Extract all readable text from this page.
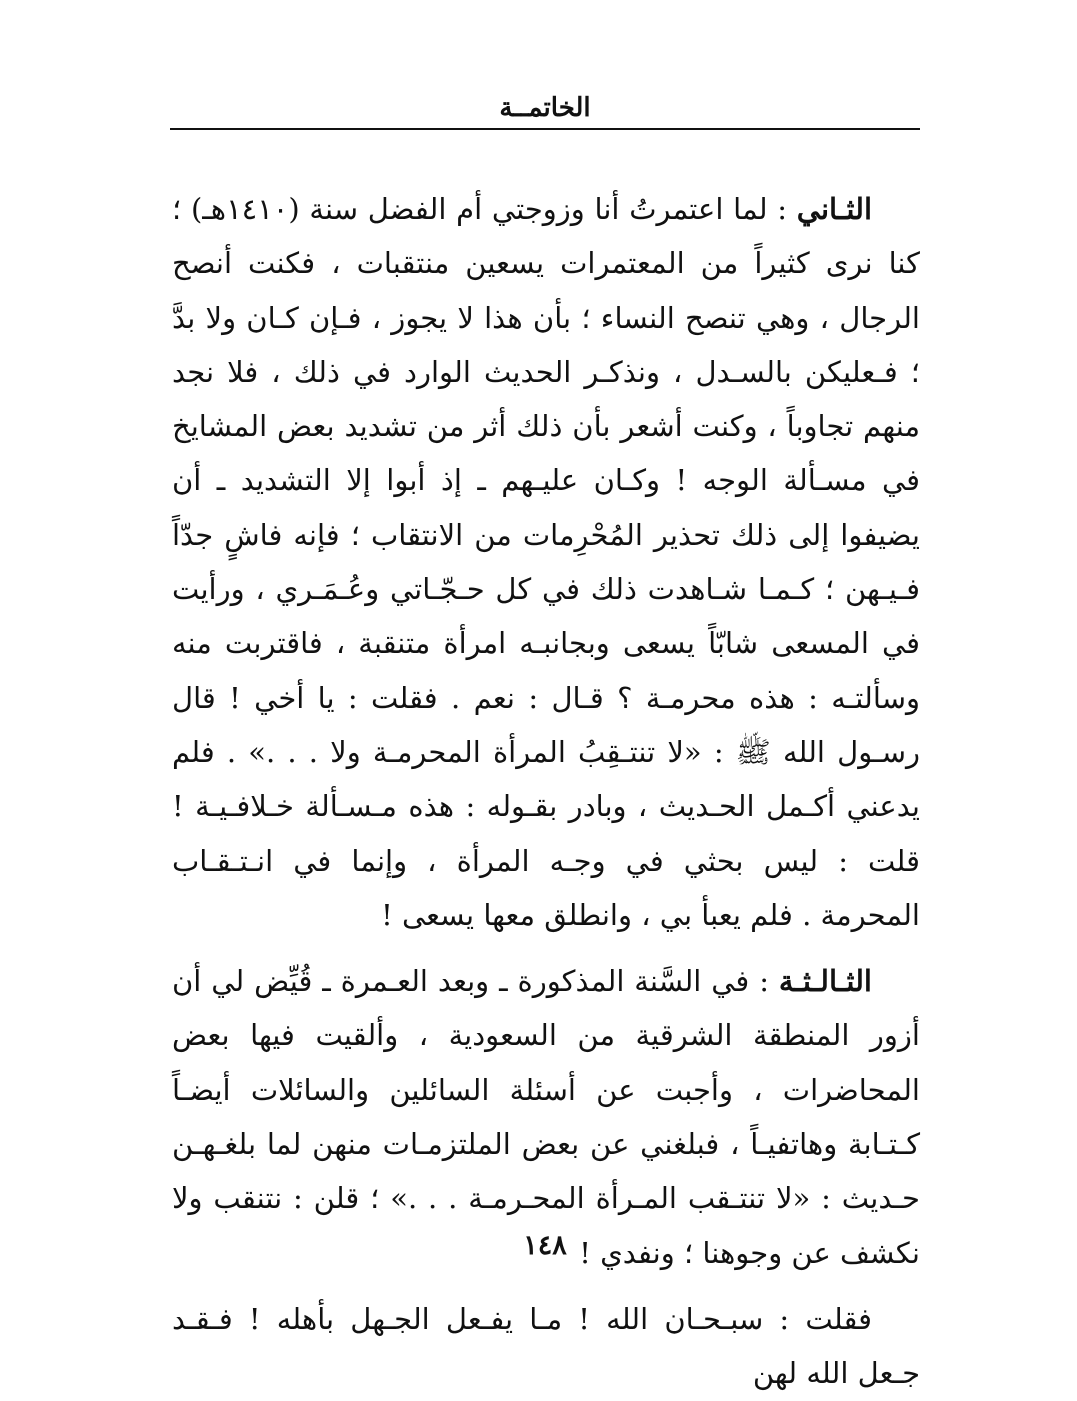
الخاتمــة

الثـاني : لما اعتمرتُ أنا وزوجتي أم الفضل سنة (١٤١٠هـ) ؛ كنا نرى كثيراً من المعتمرات يسعين منتقبات ، فكنت أنصح الرجال ، وهي تنصح النساء ؛ بأن هذا لا يجوز ، فـإن كـان ولا بدَّ ؛ فـعليكن بالسـدل ، ونذكـر الحديث الوارد في ذلك ، فلا نجد منهم تجاوباً ، وكنت أشعر بأن ذلك أثر من تشديد بعض المشايخ في مسـألة الوجه ! وكـان عليـهم ـ إذ أبوا إلا التشديد ـ أن يضيفوا إلى ذلك تحذير المُحْرِمات من الانتقاب ؛ فإنه فاشٍ جدّاً فـيـهن ؛ كـمـا شـاهدت ذلك في كل حـجّـاتي وعُـمَـري ، ورأيت في المسعى شابّاً يسعى وبجانبـه امرأة متنقبة ، فاقتربت منه وسألتـه : هذه محرمـة ؟ قـال : نعم . فقلت : يا أخي ! قال رسـول الله ﷺ : «لا تنتـقِبُ المرأة المحرمـة ولا . . .» . فلم يدعني أكـمل الحـديث ، وبادر بقـوله : هذه مـسـألة خـلافـيـة ! قلت : ليس بحثي في وجـه المرأة ، وإنما في انـتـقـاب المحرمة . فلم يعبأ بي ، وانطلق معها يسعى !

الثـالـثـة : في السَّنة المذكورة ـ وبعد العـمرة ـ قُيِّض لي أن أزور المنطقة الشرقية من السعودية ، وألقيت فيها بعض المحاضرات ، وأجبت عن أسئلة السائلين والسائلات أيضـاً كـتـابة وهاتفيـاً ، فبلغني عن بعض الملتزمـات منهن لما بلغـهـن حـديث : «لا تنتـقب المـرأة المحـرمـة . . .» ؛ قلن : نتنقب ولا نكشف عن وجوهنا ؛ ونفدي !

فقلت : سبـحـان الله ! مـا يفـعل الجـهل بأهله ! فـقـد جـعل الله لهن

١٤٨
